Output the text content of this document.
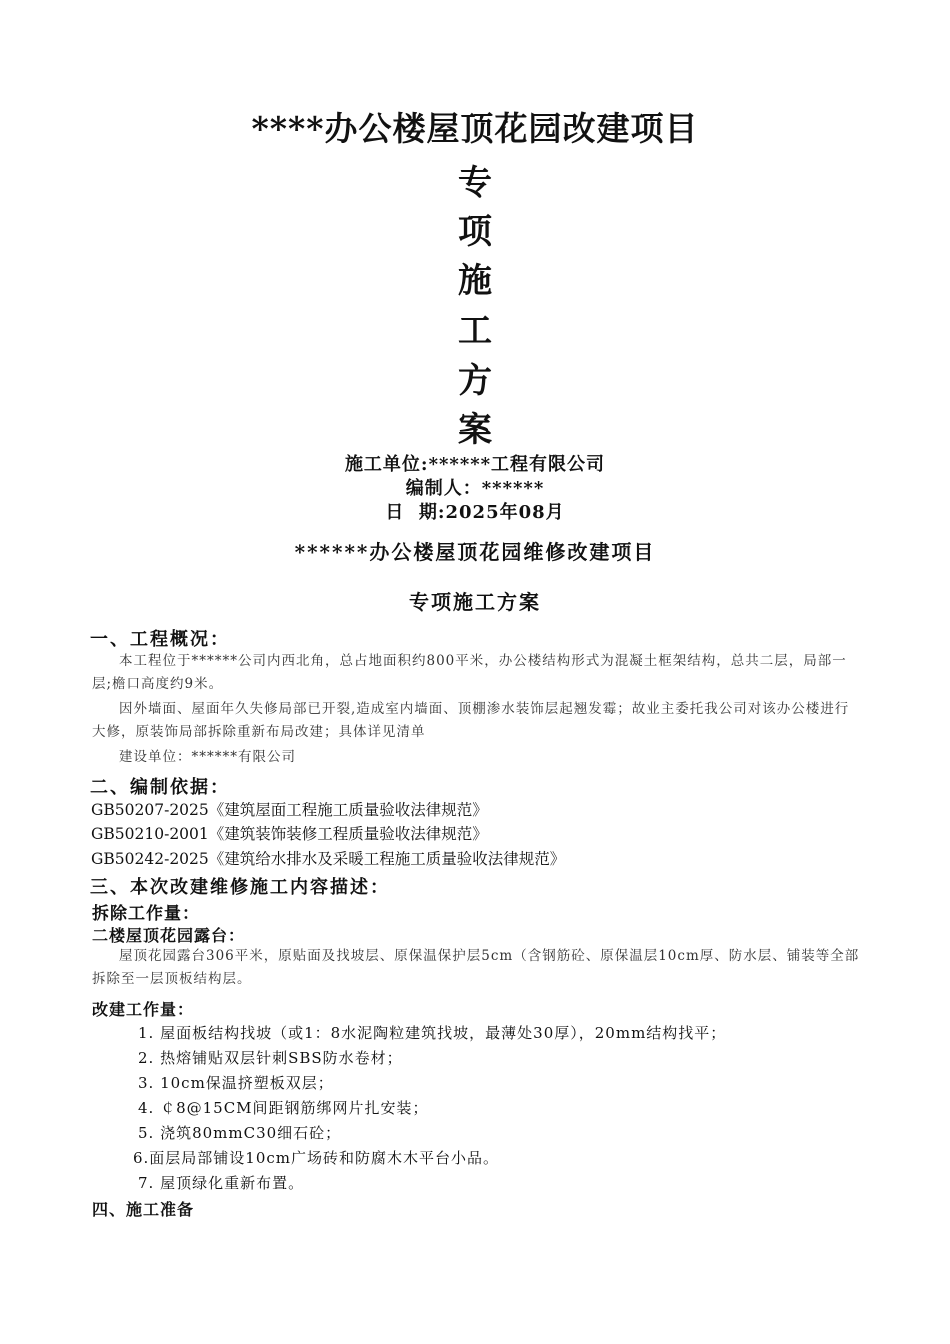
****办公楼屋顶花园改建项目
专
项
施
工
方
案
施工单位:******工程有限公司
编制人：******
日  期:2025年08月
******办公楼屋顶花园维修改建项目
专项施工方案
一、工程概况：
本工程位于******公司内西北角，总占地面积约800平米，办公楼结构形式为混凝土框架结构，总共二层，局部一层;檐口高度约9米。
因外墙面、屋面年久失修局部已开裂,造成室内墙面、顶棚渗水装饰层起翘发霉；故业主委托我公司对该办公楼进行大修，原装饰局部拆除重新布局改建；具体详见清单
建设单位：******有限公司
二、编制依据：
GB50207-2025《建筑屋面工程施工质量验收法律规范》
GB50210-2001《建筑装饰装修工程质量验收法律规范》
GB50242-2025《建筑给水排水及采暖工程施工质量验收法律规范》
三、本次改建维修施工内容描述：
拆除工作量：
二楼屋顶花园露台：
屋顶花园露台306平米，原贴面及找坡层、原保温保护层5cm（含钢筋砼、原保温层10cm厚、防水层、铺装等全部拆除至一层顶板结构层。
改建工作量：
1. 屋面板结构找坡（或1：8水泥陶粒建筑找坡，最薄处30厚），20mm结构找平；
2. 热熔铺贴双层针刺SBS防水卷材；
3. 10cm保温挤塑板双层；
4. ￠8@15CM间距钢筋绑网片扎安装；
5. 浇筑80mmC30细石砼；
6.面层局部铺设10cm广场砖和防腐木木平台小品。
7. 屋顶绿化重新布置。
四、施工准备
